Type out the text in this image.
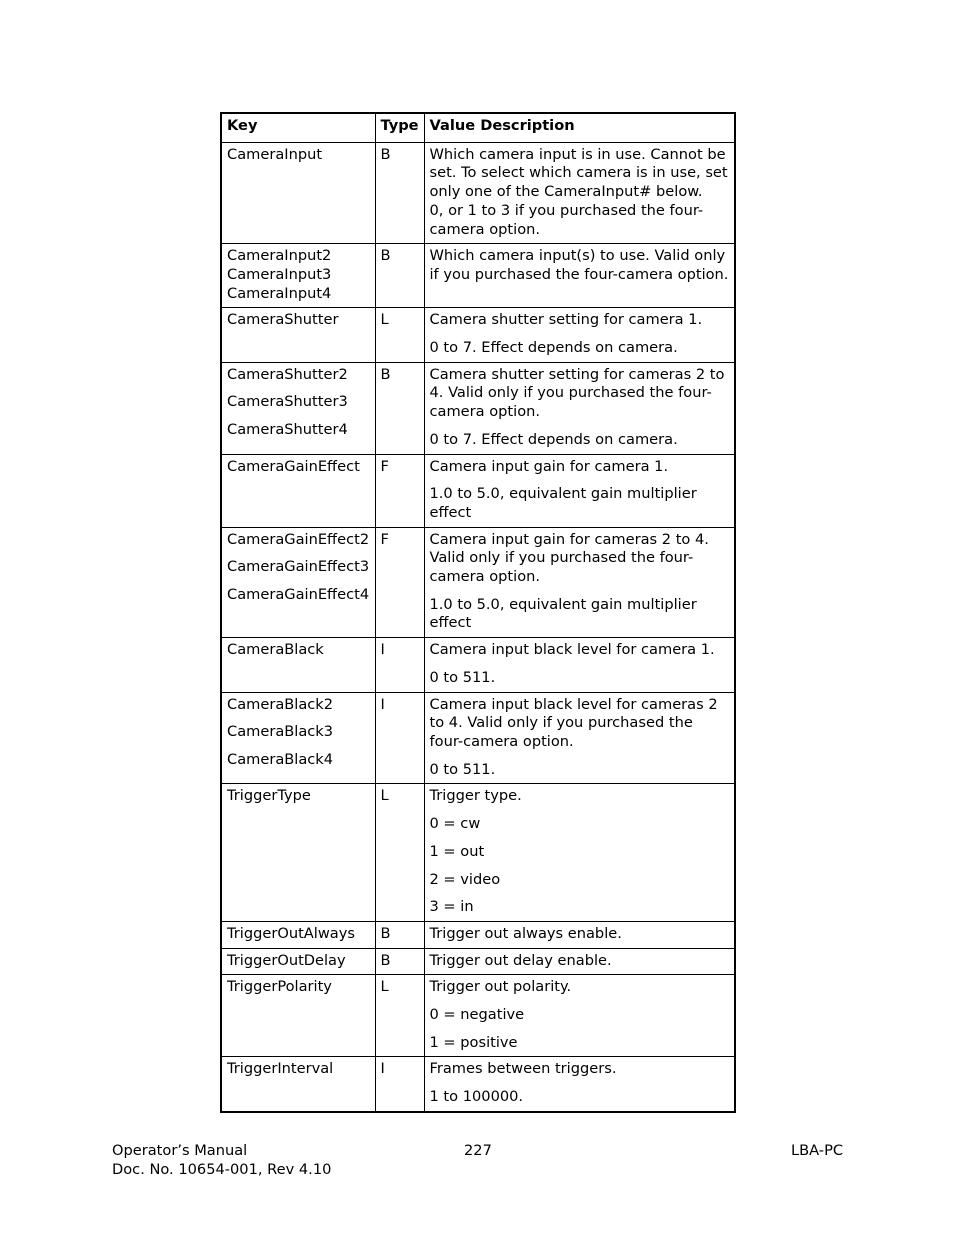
Key	Type	Value Description

CameraInput	B	Which camera input is in use. Cannot be set. To select which camera is in use, set only one of the CameraInput# below.
0, or 1 to 3 if you purchased the four-camera option.

CameraInput2
CameraInput3
CameraInput4	B	Which camera input(s) to use. Valid only if you purchased the four-camera option.

CameraShutter	L	Camera shutter setting for camera 1.
0 to 7. Effect depends on camera.

CameraShutter2
CameraShutter3
CameraShutter4	B	Camera shutter setting for cameras 2 to 4. Valid only if you purchased the four-camera option.
0 to 7. Effect depends on camera.

CameraGainEffect	F	Camera input gain for camera 1.
1.0 to 5.0, equivalent gain multiplier effect

CameraGainEffect2
CameraGainEffect3
CameraGainEffect4	F	Camera input gain for cameras 2 to 4. Valid only if you purchased the four-camera option.
1.0 to 5.0, equivalent gain multiplier effect

CameraBlack	I	Camera input black level for camera 1.
0 to 511.

CameraBlack2
CameraBlack3
CameraBlack4	I	Camera input black level for cameras 2 to 4. Valid only if you purchased the four-camera option.
0 to 511.

TriggerType	L	Trigger type.
0 = cw
1 = out
2 = video
3 = in

TriggerOutAlways	B	Trigger out always enable.

TriggerOutDelay	B	Trigger out delay enable.

TriggerPolarity	L	Trigger out polarity.
0 = negative
1 = positive

TriggerInterval	I	Frames between triggers.
1 to 100000.
Operator’s Manual
Doc. No. 10654-001, Rev 4.10
227	LBA-PC
